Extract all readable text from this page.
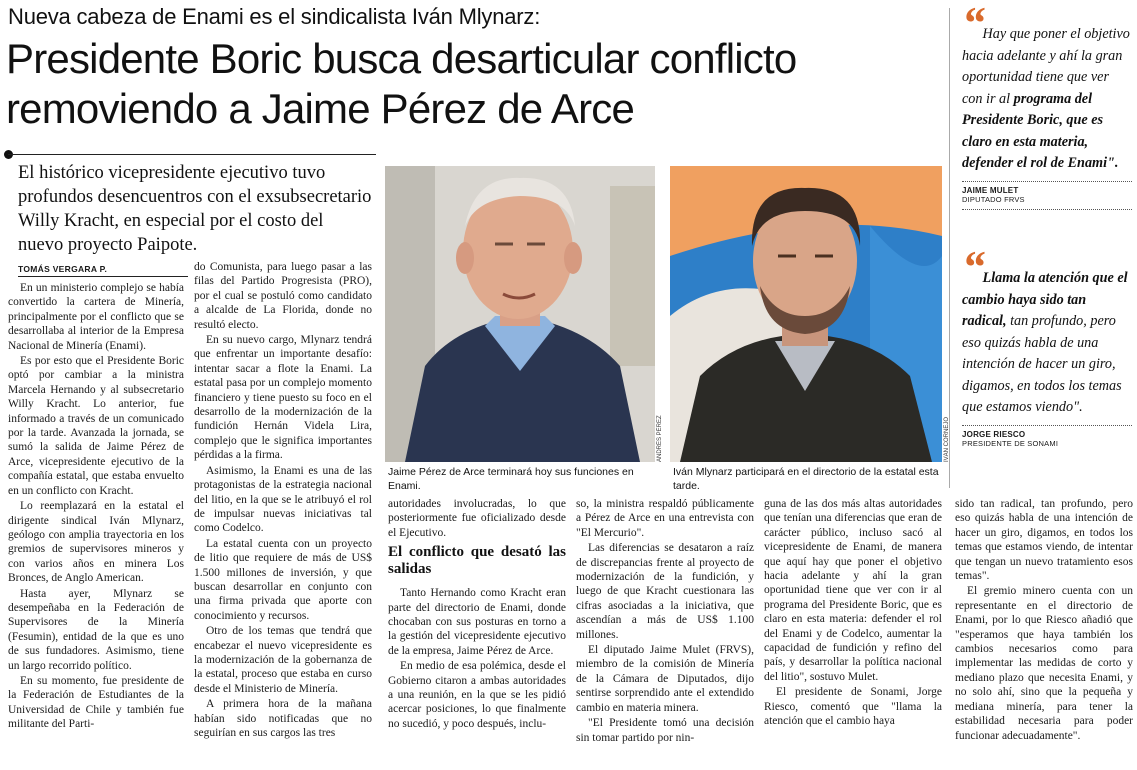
Nueva cabeza de Enami es el sindicalista Iván Mlynarz:
Presidente Boric busca desarticular conflicto removiendo a Jaime Pérez de Arce
El histórico vicepresidente ejecutivo tuvo profundos desencuentros con el exsubsecretario Willy Kracht, en especial por el costo del nuevo proyecto Paipote.
TOMÁS VERGARA P.

En un ministerio complejo se había convertido la cartera de Minería, principalmente por el conflicto que se desarrollaba al interior de la Empresa Nacional de Minería (Enami).

Es por esto que el Presidente Boric optó por cambiar a la ministra Marcela Hernando y al subsecretario Willy Kracht. Lo anterior, fue informado a través de un comunicado por la tarde. Avanzada la jornada, se sumó la salida de Jaime Pérez de Arce, vicepresidente ejecutivo de la compañía estatal, que estaba envuelto en un conflicto con Kracht.

Lo reemplazará en la estatal el dirigente sindical Iván Mlynarz, geólogo con amplia trayectoria en los gremios de supervisores mineros y con varios años en minera Los Bronces, de Anglo American.

Hasta ayer, Mlynarz se desempeñaba en la Federación de Supervisores de la Minería (Fesumin), entidad de la que es uno de sus fundadores. Asimismo, tiene un largo recorrido político.

En su momento, fue presidente de la Federación de Estudiantes de la Universidad de Chile y también fue militante del Parti-

do Comunista, para luego pasar a las filas del Partido Progresista (PRO), por el cual se postuló como candidato a alcalde de La Florida, donde no resultó electo.

En su nuevo cargo, Mlynarz tendrá que enfrentar un importante desafío: intentar sacar a flote la Enami. La estatal pasa por un complejo momento financiero y tiene puesto su foco en el desarrollo de la modernización de la fundición Hernán Videla Lira, complejo que le significa importantes pérdidas a la firma.

Asimismo, la Enami es una de las protagonistas de la estrategia nacional del litio, en la que se le atribuyó el rol de impulsar nuevas iniciativas tal como Codelco.

La estatal cuenta con un proyecto de litio que requiere de más de US$ 1.500 millones de inversión, y que buscan desarrollar en conjunto con una firma privada que aporte con conocimiento y recursos.

Otro de los temas que tendrá que encabezar el nuevo vicepresidente es la modernización de la gobernanza de la estatal, proceso que estaba en curso desde el Ministerio de Minería.

A primera hora de la mañana habían sido notificadas que no seguirían en sus cargos las tres

ANDRÉS PÉREZ
Jaime Pérez de Arce terminará hoy sus funciones en Enami.
IVÁN CORNEJO
Iván Mlynarz participará en el directorio de la estatal esta tarde.

autoridades involucradas, lo que posteriormente fue oficializado desde el Ejecutivo.

El conflicto que desató las salidas

Tanto Hernando como Kracht eran parte del directorio de Enami, donde chocaban con sus posturas en torno a la gestión del vicepresidente ejecutivo de la empresa, Jaime Pérez de Arce.

En medio de esa polémica, desde el Gobierno citaron a ambas autoridades a una reunión, en la que se les pidió acercar posiciones, lo que finalmente no sucedió, y poco después, inclu-

so, la ministra respaldó públicamente a Pérez de Arce en una entrevista con "El Mercurio".

Las diferencias se desataron a raíz de discrepancias frente al proyecto de modernización de la fundición, y luego de que Kracht cuestionara las cifras asociadas a la iniciativa, que ascendían a más de US$ 1.100 millones.

El diputado Jaime Mulet (FRVS), miembro de la comisión de Minería de la Cámara de Diputados, dijo sentirse sorprendido ante el extendido cambio en materia minera.

"El Presidente tomó una decisión sin tomar partido por nin-

guna de las dos más altas autoridades que tenían una diferencias que eran de carácter público, incluso sacó al vicepresidente de Enami, de manera que aquí hay que poner el objetivo hacia adelante y ahí la gran oportunidad tiene que ver con ir al programa del Presidente Boric, que es claro en esta materia: defender el rol del Enami y de Codelco, aumentar la capacidad de fundición y refino del país, y desarrollar la política nacional del litio", sostuvo Mulet.

El presidente de Sonami, Jorge Riesco, comentó que "llama la atención que el cambio haya

sido tan radical, tan profundo, pero eso quizás habla de una intención de hacer un giro, digamos, en todos los temas que estamos viendo, de intentar que tengan un nuevo tratamiento esos temas".

El gremio minero cuenta con un representante en el directorio de Enami, por lo que Riesco añadió que "esperamos que haya también los cambios necesarios como para implementar las medidas de corto y mediano plazo que necesita Enami, y no solo ahí, sino que la pequeña y mediana minería, para tener la estabilidad necesaria para poder funcionar adecuadamente".

“ Hay que poner el objetivo hacia adelante y ahí la gran oportunidad tiene que ver con ir al programa del Presidente Boric, que es claro en esta materia, defender el rol de Enami".
JAIME MULET
DIPUTADO FRVS
“ Llama la atención que el cambio haya sido tan radical, tan profundo, pero eso quizás habla de una intención de hacer un giro, digamos, en todos los temas que estamos viendo".
JORGE RIESCO
PRESIDENTE DE SONAMI
